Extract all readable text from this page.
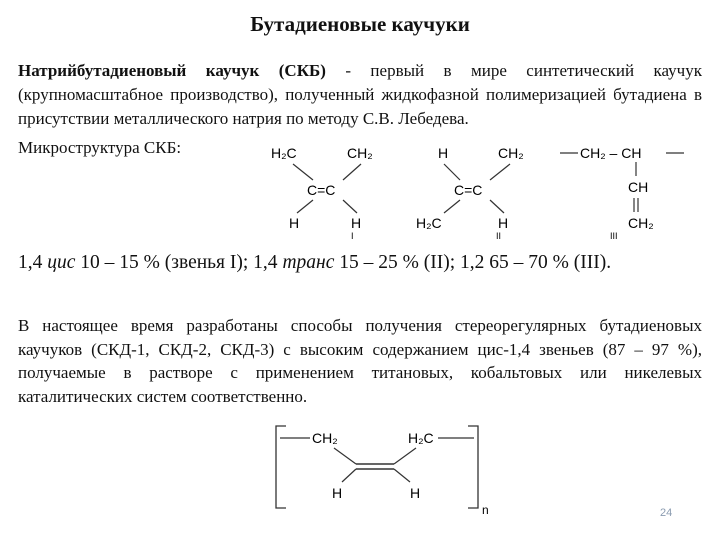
Бутадиеновые каучуки
Натрийбутадиеновый каучук (СКБ) - первый в мире синтетический каучук (крупномасштабное производство), полученный жидкофазной полимеризацией бутадиена в присутствии металлического натрия по методу С.В. Лебедева.
Микроструктура СКБ:	H₂C	CH₂
C=C
H	H
I
H	CH₂
C=C
H₂C	H
II
CH₂ – CH
CH
CH₂
III
1,4 цис 10 – 15 % (звенья I); 1,4 транс 15 – 25 % (II); 1,2 65 – 70 % (III).
В настоящее время разработаны способы получения стереорегулярных бутадиеновых каучуков (СКД-1, СКД-2, СКД-3) с высоким содержанием цис-1,4 звеньев (87 – 97 %), получаемые в растворе с применением титановых, кобальтовых или никелевых каталитических систем соответственно.
CH₂	H₂C
H	H
n	24
